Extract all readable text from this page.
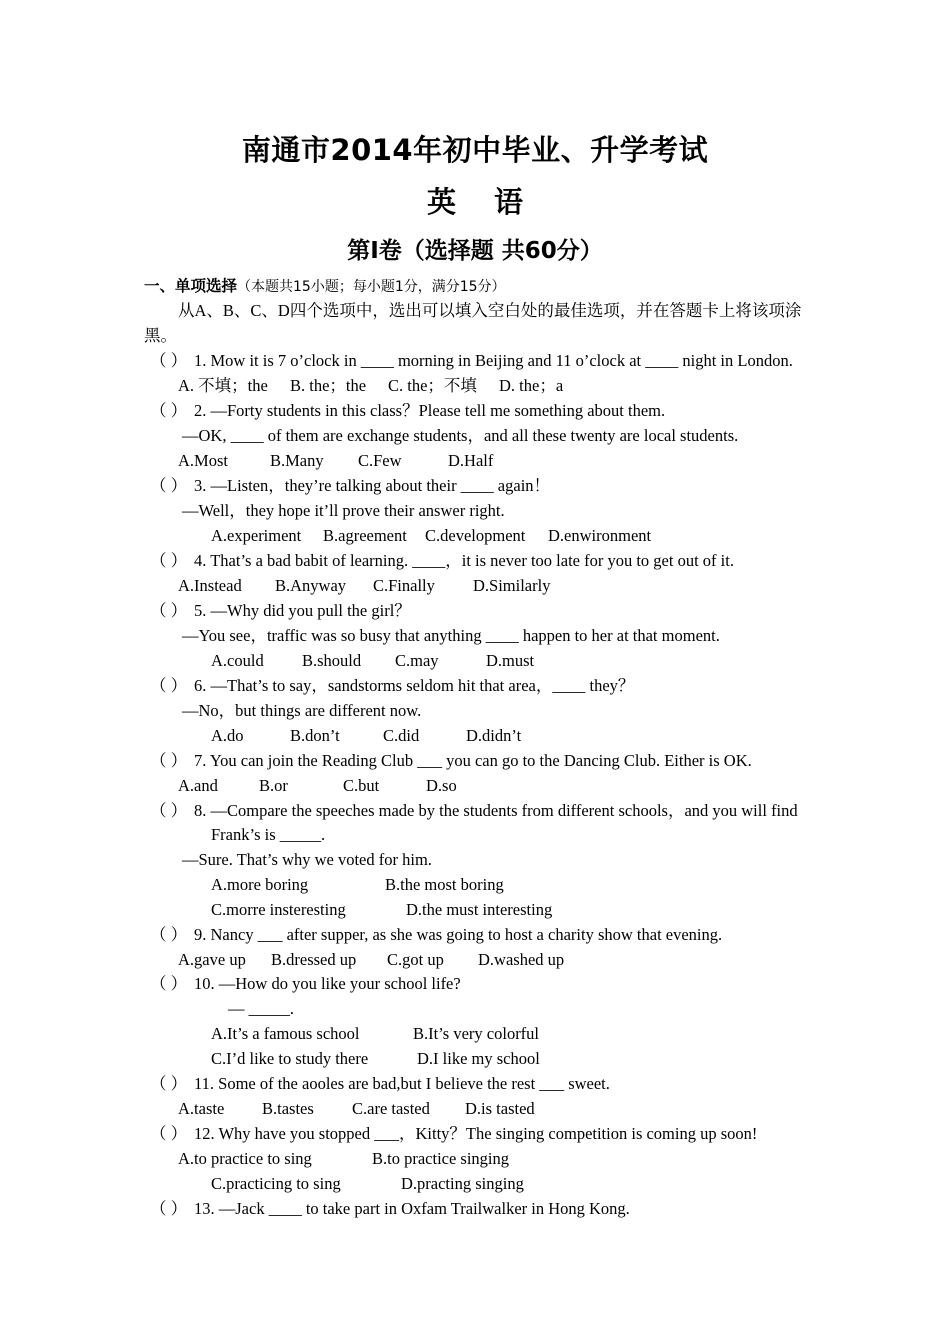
南通市2014年初中毕业、升学考试
英语
第Ⅰ卷（选择题 共60分）
一、单项选择（本题共15小题；每小题1分，满分15分）
从A、B、C、D四个选项中，选出可以填入空白处的最佳选项，并在答题卡上将该项涂
黑。
（ ） 1. Mow it is 7 o’clock in ____ morning in Beijing and 11 o’clock at ____ night in London.
A. 不填；the B. the；the C. the；不填 D. the；a
（ ） 2. —Forty students in this class？Please tell me something about them.
—OK, ____ of them are exchange students，and all these twenty are local students.
A.Most	B.Many C.Few	D.Half
（ ） 3. —Listen，they’re talking about their ____ again！
—Well，they hope it’ll prove their answer right.
A.experiment B.agreement C.development D.enwironment
（ ） 4. That’s a bad babit of learning. ____，it is never too late for you to get out of it.
A.Instead B.Anyway C.Finally D.Similarly
（ ） 5. —Why did you pull the girl？
—You see，traffic was so busy that anything ____ happen to her at that moment.
A.could B.should C.may	D.must
（ ） 6. —That’s to say，sandstorms seldom hit that area，____ they？
—No，but things are different now.
A.do	B.don’t	C.did	D.didn’t
（ ） 7. You can join the Reading Club ___ you can go to the Dancing Club. Either is OK.
A.and B.or	C.but	D.so
（ ） 8. —Compare the speeches made by the students from different schools，and you will find
Frank’s is _____.
—Sure. That’s why we voted for him.
A.more boring	B.the most boring
C.morre insteresting	D.the must interesting
（ ） 9. Nancy ___ after supper, as she was going to host a charity show that evening.
A.gave up B.dressed up C.got up D.washed up
（ ） 10. —How do you like your school life?
— _____.
A.It’s a famous school	B.It’s very colorful
C.I’d like to study there	D.I like my school
（ ） 11. Some of the aooles are bad,but I believe the rest ___ sweet.
A.taste B.tastes C.are tasted D.is tasted
（ ） 12. Why have you stopped ___，Kitty？The singing competition is coming up soon!
A.to practice to sing	B.to practice singing
C.practicing to sing	D.practing singing
（ ） 13. —Jack ____ to take part in Oxfam Trailwalker in Hong Kong.
